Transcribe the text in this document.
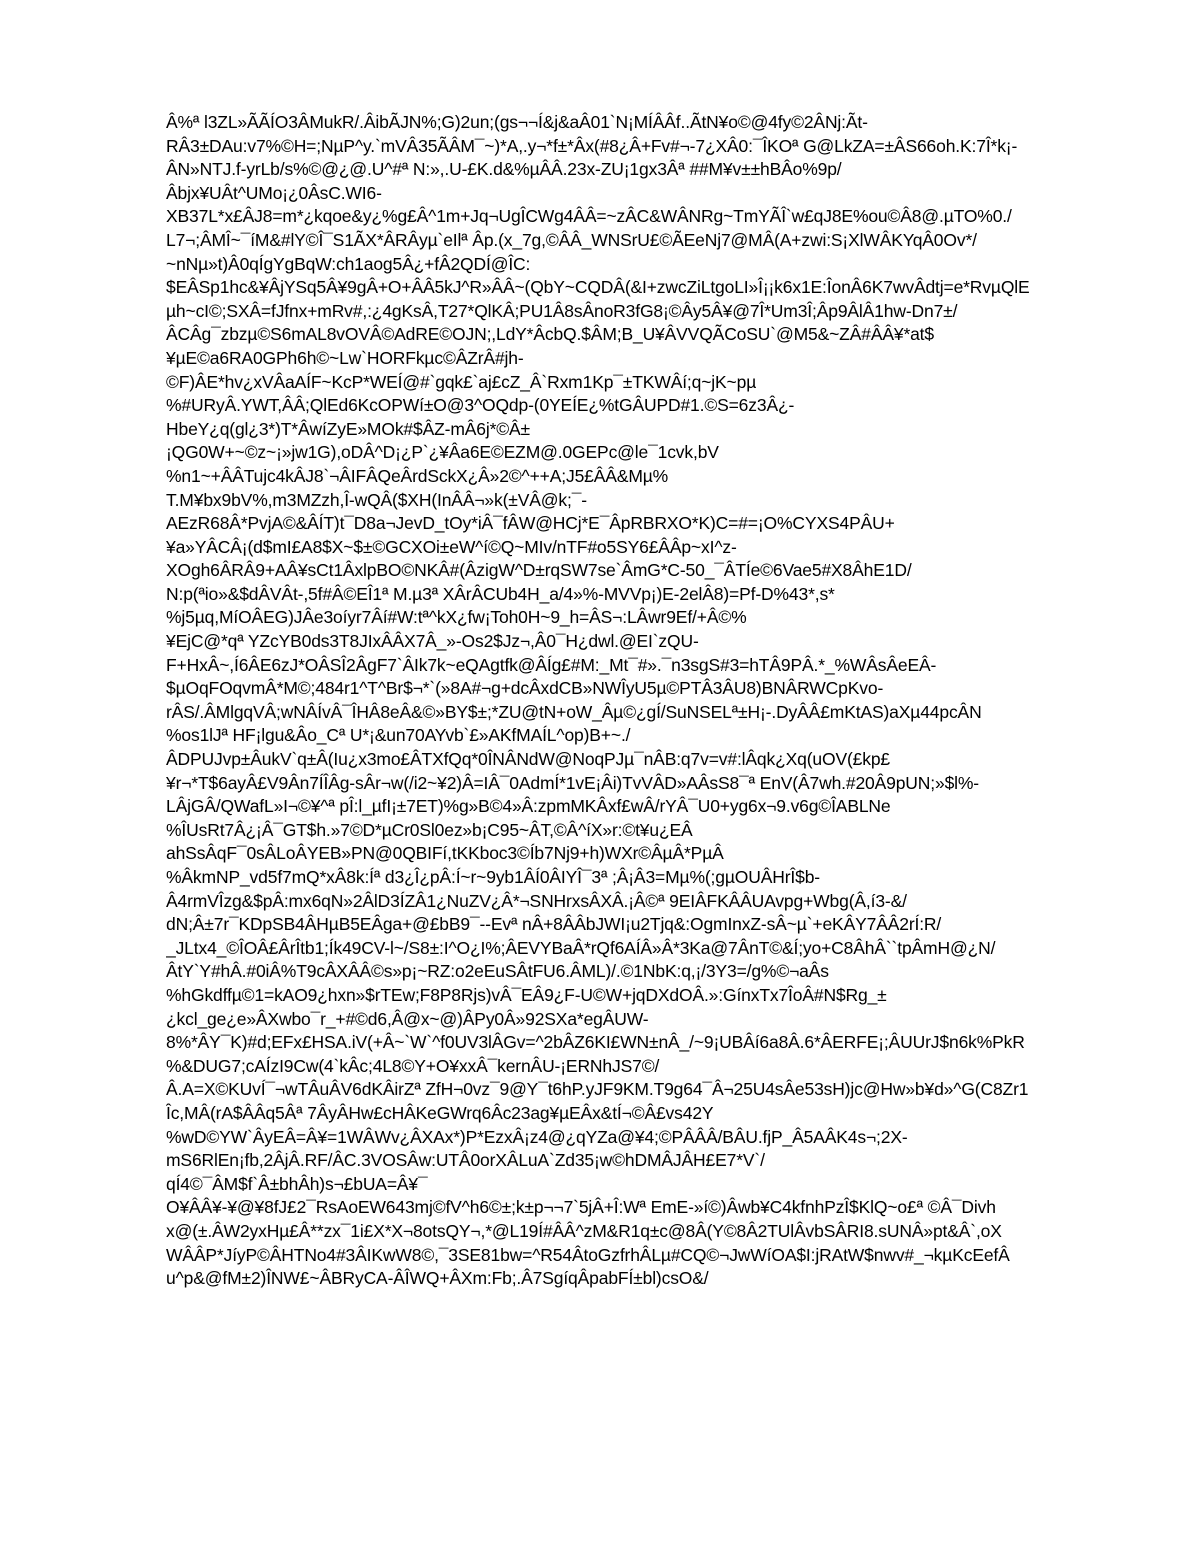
Â%ª l3ZL»ÃÃÍO3ÂMukR/.ÂibÃJN%;G)2un;(gs¬¬Í&j&aÂ01`N¡MÍÂÂf..ÃtN¥o©@4fy©2ÂNj:Ãt-
RÂ3±DAu:v7%©H=;NµP^y.`mVÂ35ÃÂM¯~)*A,.y¬*f±*Âx(#8¿Â+Fv#¬-7¿XÂ0:¯ÎKOª G@LkZA=±ÂS66oh.K:7Î*k¡-
ÂN»NTJ.f-yrLb/s%©@¿@.U^#ª N:»,.U-£K.d&%µÂÂ.23x-ZU¡1gx3Âª ##M¥v±±hBÂo%9p/
Âbjx¥UÂt^UMo¡¿0ÂsC.WI6-
XB37L*x£ÂJ8=m*¿kqoe&y¿%g£Â^1m+Jq¬UgÎCWg4ÂÂ=~zÂC&WÂNRg~TmYÃÎ`w£qJ8E%ou©Â8@.µTO%0./
L7¬;ÂMÎ~¯íM&#lY©Î¯S1ÃX*ÂRÂyµ`eIlª Âp.(x_7g,©ÂÂ_WNSrU£©ÃEeNj7@MÂ(A+zwi:S¡XlWÂKYqÂ0Ov*/
~nNµ»t)Â0qÍgYgBqW:ch1aog5Â¿+fÂ2QDÍ@ÎC:
$EÂSp1hc&¥ÂjYSq5Â¥9gÂ+O+ÂÂ5kJ^R»ÂÂ~(QbY~CQDÂ(&I+zwcZiLtgoLI»Î¡¡k6x1E:ÎonÂ6K7wvÂdtj=e*RvµQlE
µh~cI©;SXÂ=fJfnx+mRv#,:¿4gKsÂ,T27*QlKÂ;PU1Â8sÂnoR3fG8¡©Ây5Â¥@7Î*Um3Î;Âp9ÂlÂ1hw-Dn7±/
ÂCÂg¯zbzµ©S6mAL8vOVÂ©AdRE©OJN;,LdY*ÂcbQ.$ÂM;B_U¥ÂVVQÃCoSU`@M5&~ZÂ#ÂÂ¥*at$
¥µE©a6RA0GPh6h©~Lw`HORFkµc©ÂZrÂ#jh-
©F)ÂE*hv¿xVÂaAÍF~KcP*WEÍ@#`gqk£`aj£cZ_Â`Rxm1Kp¯±TKWÂí;q~jK~pµ
%#URyÂ.YWT,ÂÂ;QlEd6KcOPWí±O@3^OQdp-(0YEÍE¿%tGÂUPD#1.©S=6z3Â¿-
HbeY¿q(gl¿3*)T*ÂwíZyE»MOk#$ÂZ-mÂ6j*©Â±
¡QG0W+~©z~¡»jw1G),oDÂ^D¡¿P`¿¥Âa6E©EZM@.0GEPc@le¯1cvk,bV
%n1~+ÂÂTujc4kÂJ8`¬ÂIFÂQeÂrdSckX¿Â»2©^++A;J5£ÂÂ&Mµ%
T.M¥bx9bV%,m3MZzh,Î-wQÂ($XH(InÂÂ¬»k(±VÂ@k;¯-
AEzR68Â*PvjA©&ÂÍT)t¯D8a¬JevD_tOy*iÂ¯fÂW@HCj*E¯ÂpRBRXO*K)C=#=¡O%CYXS4PÂU+
¥a»YÂCÂ¡(d$mI£A8$X~$±©GCXOi±eW^í©Q~MIv/nTF#o5SY6£ÂÂp~xI^z-
XOgh6ÂRÂ9+AÂ¥sCt1ÂxlpBO©NKÂ#(ÂzigW^D±rqSW7se`ÂmG*C-50_¯ÂTÍe©6Vae5#X8ÂhE1D/
N:p(ªio»&$dÂVÂt-,5f#Â©EÎ1ª M.µ3ª XÂrÂCUb4H_a/4»%-MVVp¡)E-2elÂ8)=Pf-D%43*,s*
%j5µq,MíOÂEG)JÂe3oíyr7Âí#W:tª^kX¿fw¡Toh0H~9_h=ÂS¬:LÂwr9Ef/+Â©%
¥EjC@*qª YZcYB0ds3T8JIxÂÂX7Â_»-Os2$Jz¬,Â0¯H¿dwl.@EI`zQU-
F+HxÂ~,Í6ÂE6zJ*OÂSÎ2ÂgF7`ÂIk7k~eQAgtfk@ÂÍg£#M:_Mt¯#».¯n3sgS#3=hTÂ9PÂ.*_%WÂsÂeEÂ-
$µOqFOqvmÂ*M©;484r1^T^Br$¬*`(»8A#¬g+dcÂxdCB»NWÎyU5µ©PTÂ3ÂU8)BNÂRWCpKvo-
rÂS/.ÂMlgqVÂ;wNÂÍvÂ¯ÎHÂ8eÂ&©»BY$±;*ZU@tN+oW_Âµ©¿gÍ/SuNSELª±H¡-.DyÂÂ£mKtAS)aXµ44pcÂN
%os1lJª HF¡lgu&Âo_Cª U*¡&un70AYvb`£»AKfMAÍL^op)B+~./
ÂDPUJvp±ÂukV`q±Â(Iu¿x3mo£ÂTXfQq*0ÎNÂNdW@NoqPJµ¯nÂB:q7v=v#:lÂqk¿Xq(uOV(£kp£
¥r¬*T$6ayÂ£V9Ân7ÍÎÂg-sÂr¬w(/i2~¥2)Â=IÂ¯0AdmÍ*1vE¡Âi)TvVÂD»AÂsS8¯ª EnV(Â7wh.#20Â9pUN;»$l%-
LÂjGÂ/QWafL»I¬©¥^ª pÎ:l_µfI¡±7ET)%g»B©4»Â:zpmMKÂxf£wÂ/rYÂ¯U0+yg6x¬9.v6g©ÎABLNe
%ÎUsRt7Â¿¡Â¯GT$h.»7©D*µCr0Sl0ez»b¡C95~ÂT,©Â^íX»r:©t¥u¿EÂ
ahSsÂqF¯0sÂLoÂYEB»PN@0QBIFí,tKKboc3©Íb7Nj9+h)WXr©ÂµÂ*PµÂ
%ÂkmNP_vd5f7mQ*xÂ8k:Íª d3¿Î¿pÂ:Í~r~9yb1ÂÍ0ÂIYÎ¯3ª ;Â¡Â3=Mµ%(;gµOUÂHrÎ$b-
Â4rmVÎzg&$pÂ:mx6qN»2ÂlD3ÍZÂ1¿NuZV¿Â*¬SNHrxsÂXÂ.¡Â©ª 9EIÂFKÂÂUAvpg+Wbg(Â,í3-&/
dN;Â±7r¯KDpSB4ÂHµB5EÂga+@£bB9¯--Evª nÂ+8ÂÂbJWI¡u2Tjq&:OgmInxZ-sÂ~µ`+eKÂY7ÂÂ2rÍ:R/
_JLtx4_©ÎOÂ£ÂrÎtb1;Ík49CV-l~/S8±:I^O¿I%;ÂEVYBaÂ*rQf6AÍÂ»Â*3Ka@7ÂnT©&Í;yo+C8ÂhÂ``tpÂmH@¿N/
ÂtY`Y#hÂ.#0iÂ%T9cÂXÂÂ©s»p¡~RZ:o2eEuSÂtFU6.ÂML)/.©1NbK:q,¡/3Y3=/g%©¬aÂs
%hGkdffµ©1=kAO9¿hxn»$rTEw;F8P8Rjs)vÂ¯EÂ9¿F-U©W+jqDXdOÂ.»:GínxTx7ÎoÂ#N$Rg_±
¿kcl_ge¿e»ÂXwbo¯r_+#©d6,Â@x~@)ÂPy0Â»92SXa*egÂUW-
8%*ÂY¯K)#d;EFx£HSA.iV(+Â~`W`^f0UV3lÂGv=^2bÂZ6KI£WN±nÂ_/~9¡UBÂí6a8Â.6*ÂERFE¡;ÂUUrJ$n6k%PkR
%&DUG7;cAÍzI9Cw(4`kÂc;4L8©Y+O¥xxÂ¯kernÂU-¡ERNhJS7©/
Â.A=X©KUvÍ¯¬wTÂuÂV6dKÂirZª ZfH¬0vz¯9@Y¯t6hP.yJF9KM.T9g64¯Â¬25U4sÂe53sH)jc@Hw»b¥d»^G(C8Zr1
Îc,MÂ(rA$ÂÂq5Âª 7ÂyÂHw£cHÂKeGWrq6Âc23ag¥µEÂx&tÍ¬©Â£vs42Y
%wD©YW`ÂyEÂ=Â¥=1WÂWv¿ÂXAx*)P*EzxÂ¡z4@¿qYZa@¥4;©PÂÂÂ/BÂU.fjP_Â5AÂK4s¬;2X-
mS6RlEn¡fb,2ÂjÂ.RF/ÂC.3VOSÂw:UTÂ0orXÂLuA`Zd35¡w©hDMÂJÂH£E7*V`/
qÍ4©¯ÂM$f`Â±bhÂh)s¬£bUA=Â¥¯
O¥ÂÂ¥-¥@¥8fJ£2¯RsAoEW643mj©fV^h6©±;k±p¬¬7`5jÂ+Î:Wª EmE-»í©)Âwb¥C4kfnhPzÎ$KlQ~o£ª ©Â¯Divh
x@(±.ÂW2yxHµ£Â**zx¯1i£X*X¬8otsQY¬,*@L19Í#ÂÂ^zM&R1q±c@8Â(Y©8Â2TUlÂvbSÂRI8.sUNÂ»pt&Â`,oX
WÂÂP*JíyP©ÂHTNo4#3ÂIKwW8©,¯3SE81bw=^R54ÂtoGzfrhÂLµ#CQ©¬JwWíOA$I:jRAtW$nwv#_¬kµKcEefÂ
u^p&@fM±2)ÎNW£~ÂBRyCA-ÂÎWQ+ÂXm:Fb;.Â7SgíqÂpabFÍ±bl)csO&/
